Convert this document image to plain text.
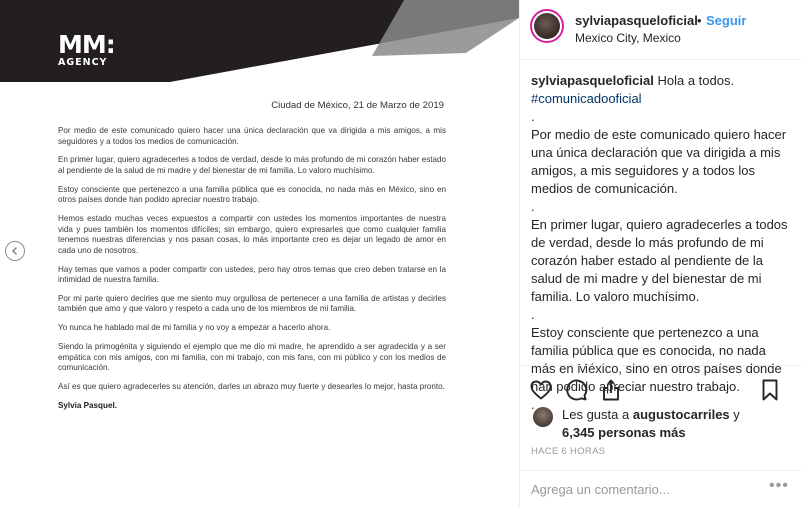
MM:
AGENCY
Ciudad de México, 21 de Marzo de 2019

Por medio de este comunicado quiero hacer una única declaración que va dirigida a mis amigos, a mis seguidores y a todos los medios de comunicación.

En primer lugar, quiero agradecerles a todos de verdad, desde lo más profundo de mi corazón haber estado al pendiente de la salud de mi madre y del bienestar de mi familia. Lo valoro muchísimo.

Estoy consciente que pertenezco a una familia pública que es conocida, no nada más en México, sino en otros países donde han podido apreciar nuestro trabajo.

Hemos estado muchas veces expuestos a compartir con ustedes los momentos importantes de nuestra vida y pues también los momentos difíciles; sin embargo, quiero expresarles que como cualquier familia tenemos nuestras diferencias y nos pasan cosas, lo más importante creo es dejar un legado de amor en cada uno de nosotros.

Hay temas que vamos a poder compartir con ustedes, pero hay otros temas que creo deben tratarse en la intimidad de nuestra familia.

Por mi parte quiero decirles que me siento muy orgullosa de pertenecer a una familia de artistas y decirles también que amo y que valoro y respeto a cada uno de los miembros de mi familia.

Yo nunca he hablado mal de mi familia y no voy a empezar a hacerlo ahora.

Siendo la primogénita y siguiendo el ejemplo que me dio mi madre, he aprendido a ser agradecida y a ser empática con mis amigos, con mi familia, con mi trabajo, con mis fans, con mi público y con los medios de comunicación.

Así es que quiero agradecerles su atención, darles un abrazo muy fuerte y desearles lo mejor, hasta pronto.

Sylvia Pasquel.

sylviapasqueloficial • Seguir
Mexico City, Mexico
sylviapasqueloficial Hola a todos.
#comunicadooficial
.
Por medio de este comunicado quiero hacer una única declaración que va dirigida a mis amigos, a mis seguidores y a todos los medios de comunicación.
.
En primer lugar, quiero agradecerles a todos de verdad, desde lo más profundo de mi corazón haber estado al pendiente de la salud de mi madre y del bienestar de mi familia. Lo valoro muchísimo.
.
Estoy consciente que pertenezco a una familia pública que es conocida, no nada más en México, sino en otros países donde han podido apreciar nuestro trabajo.
.
Les gusta a augustocarriles y
6,345 personas más
HACE 6 HORAS
Agrega un comentario...
•••
